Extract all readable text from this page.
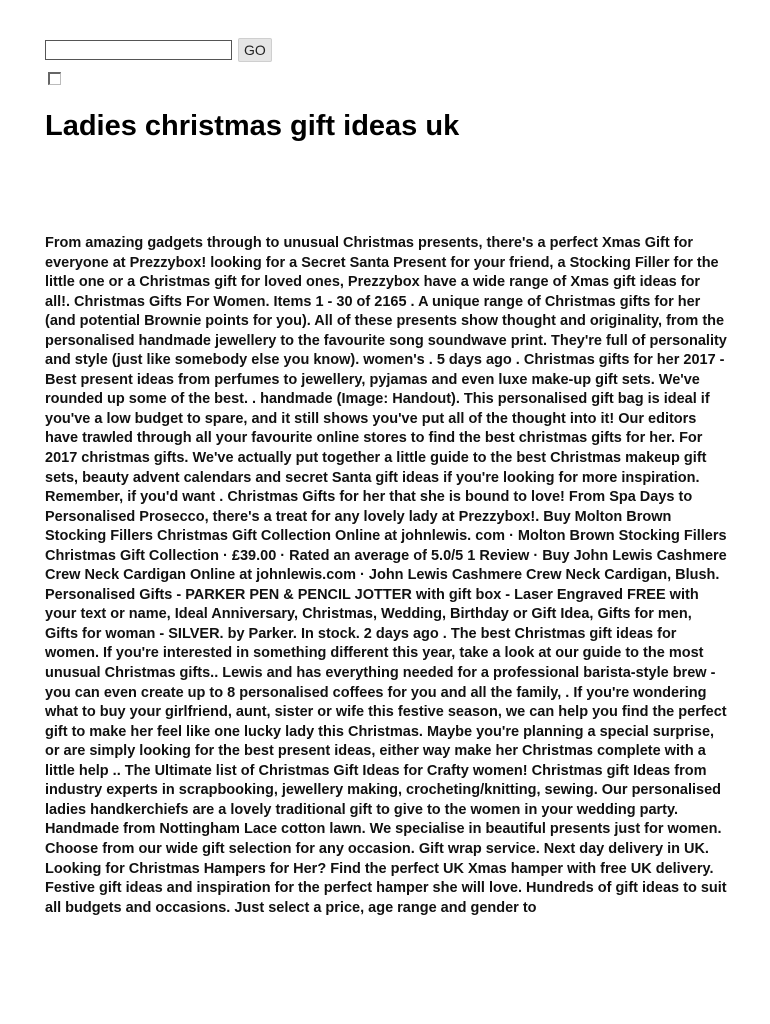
GO
Ladies christmas gift ideas uk

From amazing gadgets through to unusual Christmas presents, there's a perfect Xmas Gift for everyone at Prezzybox! looking for a Secret Santa Present for your friend, a Stocking Filler for the little one or a Christmas gift for loved ones, Prezzybox have a wide range of Xmas gift ideas for all!. Christmas Gifts For Women. Items 1 - 30 of 2165 . A unique range of Christmas gifts for her (and potential Brownie points for you). All of these presents show thought and originality, from the personalised handmade jewellery to the favourite song soundwave print. They're full of personality and style (just like somebody else you know). women's . 5 days ago . Christmas gifts for her 2017 - Best present ideas from perfumes to jewellery, pyjamas and even luxe make-up gift sets. We've rounded up some of the best. . handmade (Image: Handout). This personalised gift bag is ideal if you've a low budget to spare, and it still shows you've put all of the thought into it! Our editors have trawled through all your favourite online stores to find the best christmas gifts for her. For 2017 christmas gifts. We've actually put together a little guide to the best Christmas makeup gift sets, beauty advent calendars and secret Santa gift ideas if you're looking for more inspiration. Remember, if you'd want . Christmas Gifts for her that she is bound to love! From Spa Days to Personalised Prosecco, there's a treat for any lovely lady at Prezzybox!. Buy Molton Brown Stocking Fillers Christmas Gift Collection Online at johnlewis. com · Molton Brown Stocking Fillers Christmas Gift Collection · £39.00 · Rated an average of 5.0/5 1 Review · Buy John Lewis Cashmere Crew Neck Cardigan Online at johnlewis.com · John Lewis Cashmere Crew Neck Cardigan, Blush. Personalised Gifts - PARKER PEN & PENCIL JOTTER with gift box - Laser Engraved FREE with your text or name, Ideal Anniversary, Christmas, Wedding, Birthday or Gift Idea, Gifts for men, Gifts for woman - SILVER. by Parker. In stock. 2 days ago . The best Christmas gift ideas for women. If you're interested in something different this year, take a look at our guide to the most unusual Christmas gifts.. Lewis and has everything needed for a professional barista-style brew - you can even create up to 8 personalised coffees for you and all the family, . If you're wondering what to buy your girlfriend, aunt, sister or wife this festive season, we can help you find the perfect gift to make her feel like one lucky lady this Christmas. Maybe you're planning a special surprise, or are simply looking for the best present ideas, either way make her Christmas complete with a little help .. The Ultimate list of Christmas Gift Ideas for Crafty women! Christmas gift Ideas from industry experts in scrapbooking, jewellery making, crocheting/knitting, sewing. Our personalised ladies handkerchiefs are a lovely traditional gift to give to the women in your wedding party. Handmade from Nottingham Lace cotton lawn. We specialise in beautiful presents just for women. Choose from our wide gift selection for any occasion. Gift wrap service. Next day delivery in UK. Looking for Christmas Hampers for Her? Find the perfect UK Xmas hamper with free UK delivery. Festive gift ideas and inspiration for the perfect hamper she will love. Hundreds of gift ideas to suit all budgets and occasions. Just select a price, age range and gender to
